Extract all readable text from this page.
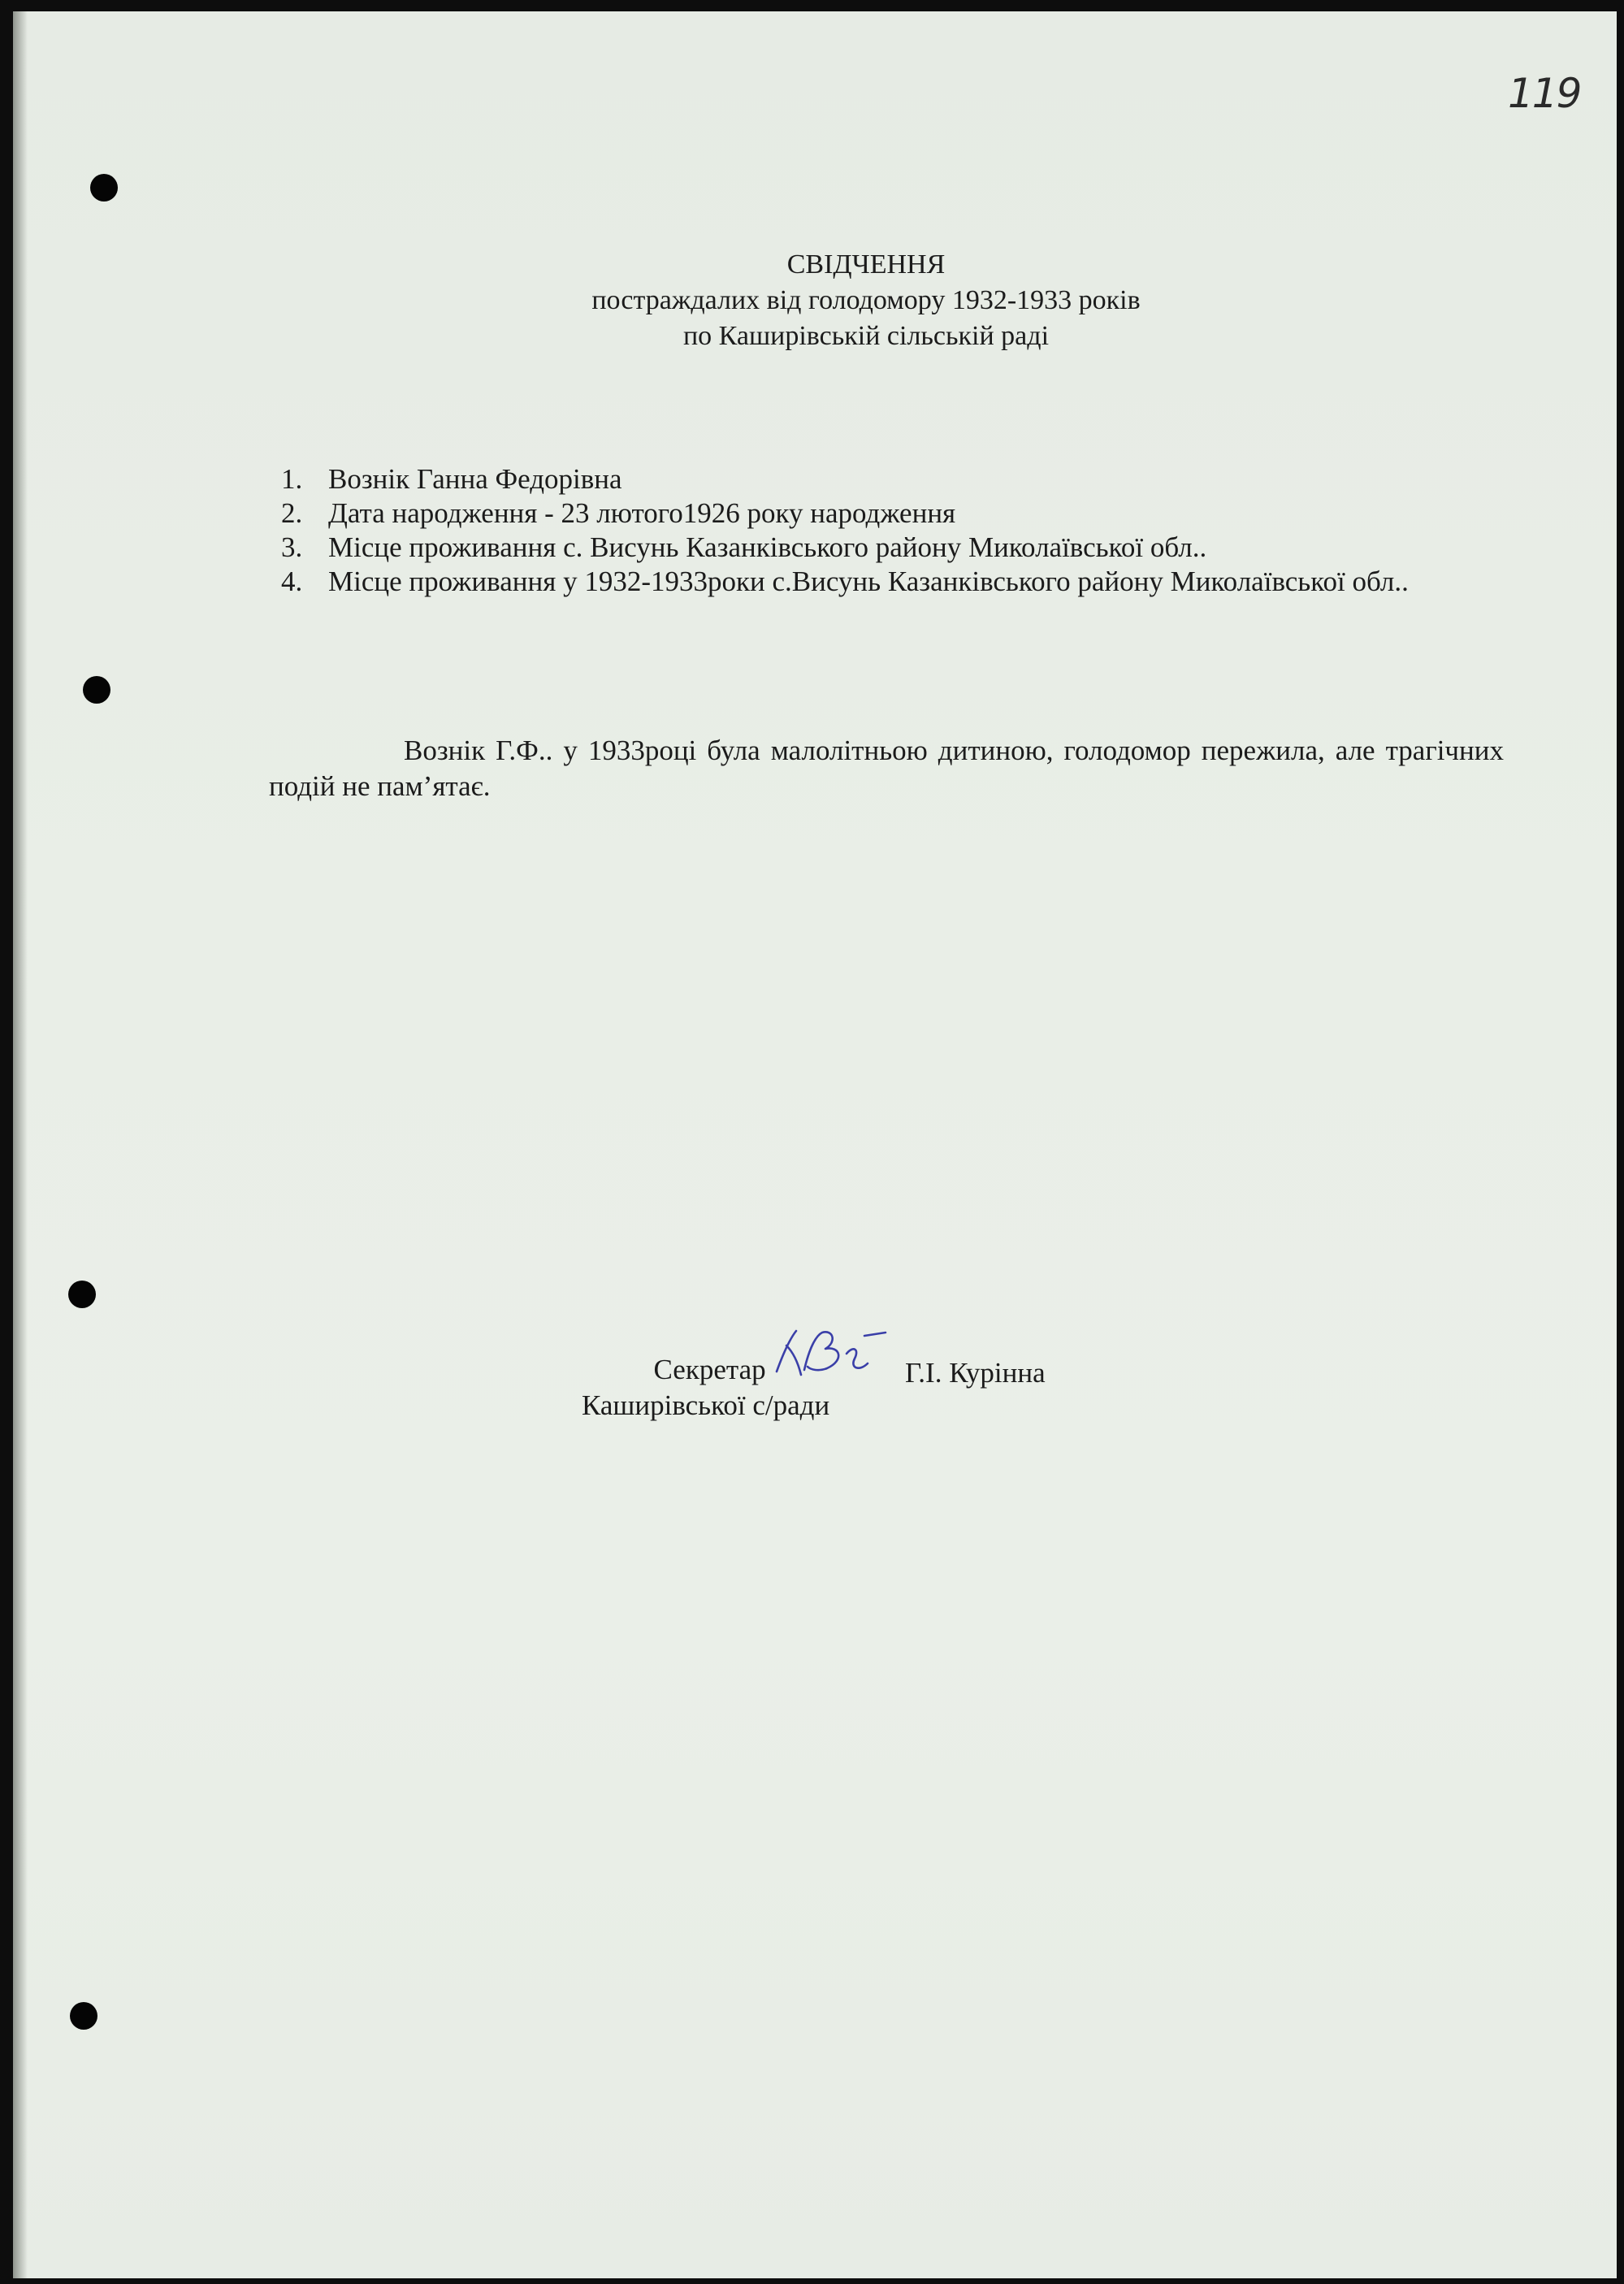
119
СВІДЧЕННЯ
постраждалих від голодомору 1932-1933 років
по Каширівській сільській раді
1. Вознік Ганна Федорівна
2. Дата народження - 23 лютого1926 року народження
3. Місце проживання с. Висунь Казанківського району Миколаївської обл..
4. Місце проживання у 1932-1933роки с.Висунь Казанківського району Миколаївської обл..
Вознік Г.Ф.. у 1933році була малолітньою дитиною, голодомор пережила, але трагічних подій не пам’ятає.
Секретар
Каширівської с/ради
Г.І. Курінна
